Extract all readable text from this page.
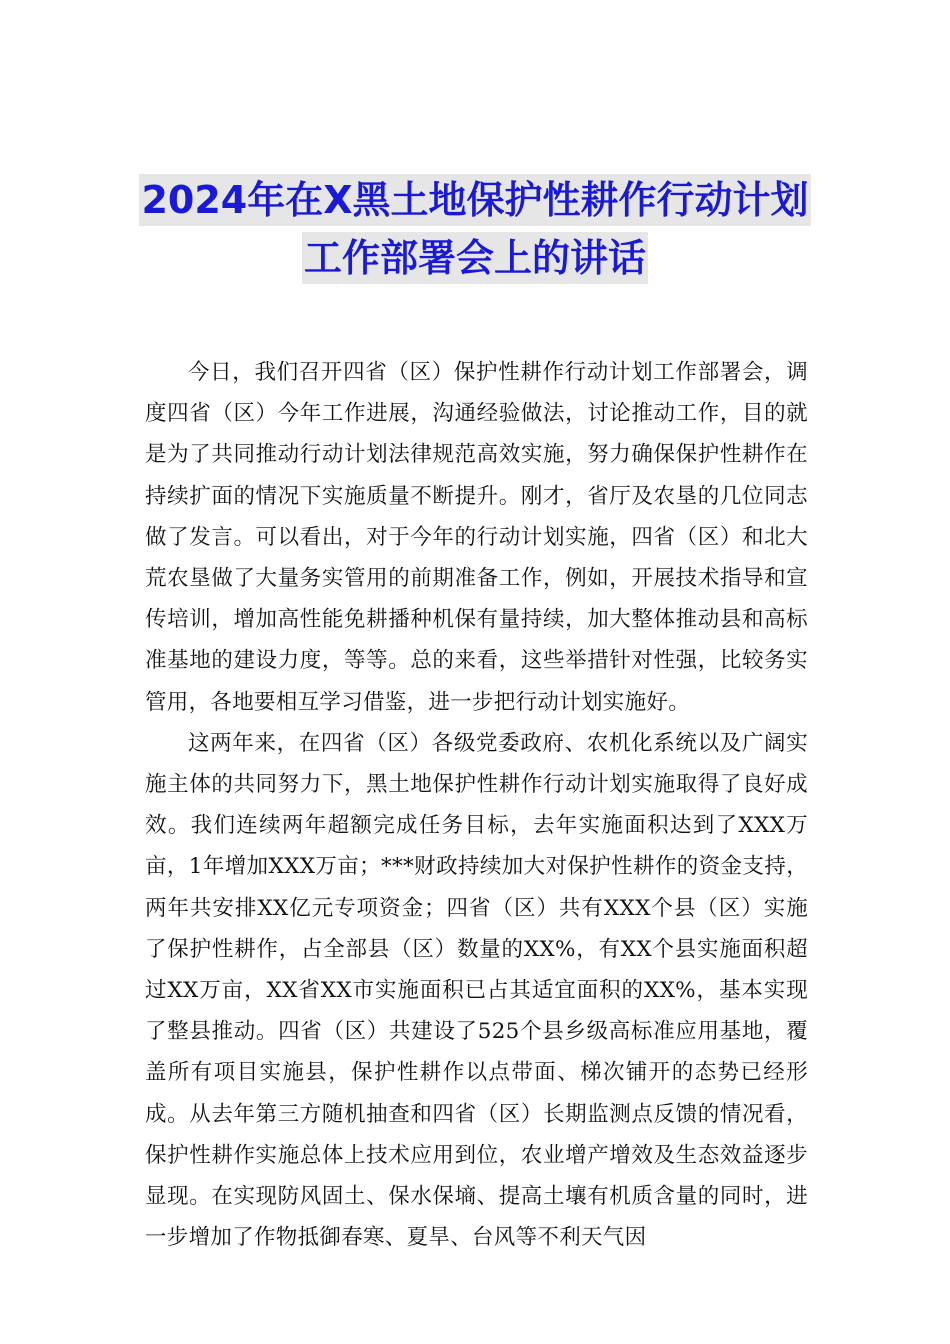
2024年在X黑土地保护性耕作行动计划
工作部署会上的讲话

今日，我们召开四省（区）保护性耕作行动计划工作部署会，调度四省（区）今年工作进展，沟通经验做法，讨论推动工作，目的就是为了共同推动行动计划法律规范高效实施，努力确保保护性耕作在持续扩面的情况下实施质量不断提升。刚才，省厅及农垦的几位同志做了发言。可以看出，对于今年的行动计划实施，四省（区）和北大荒农垦做了大量务实管用的前期准备工作，例如，开展技术指导和宣传培训，增加高性能免耕播种机保有量持续，加大整体推动县和高标准基地的建设力度，等等。总的来看，这些举措针对性强，比较务实管用，各地要相互学习借鉴，进一步把行动计划实施好。

这两年来，在四省（区）各级党委政府、农机化系统以及广阔实施主体的共同努力下，黑土地保护性耕作行动计划实施取得了良好成效。我们连续两年超额完成任务目标，去年实施面积达到了XXX万亩，1年增加XXX万亩；***财政持续加大对保护性耕作的资金支持，两年共安排XX亿元专项资金；四省（区）共有XXX个县（区）实施了保护性耕作，占全部县（区）数量的XX%，有XX个县实施面积超过XX万亩，XX省XX市实施面积已占其适宜面积的XX%，基本实现了整县推动。四省（区）共建设了525个县乡级高标准应用基地，覆盖所有项目实施县，保护性耕作以点带面、梯次铺开的态势已经形成。从去年第三方随机抽查和四省（区）长期监测点反馈的情况看，保护性耕作实施总体上技术应用到位，农业增产增效及生态效益逐步显现。在实现防风固土、保水保墒、提高土壤有机质含量的同时，进一步增加了作物抵御春寒、夏旱、台风等不利天气因
